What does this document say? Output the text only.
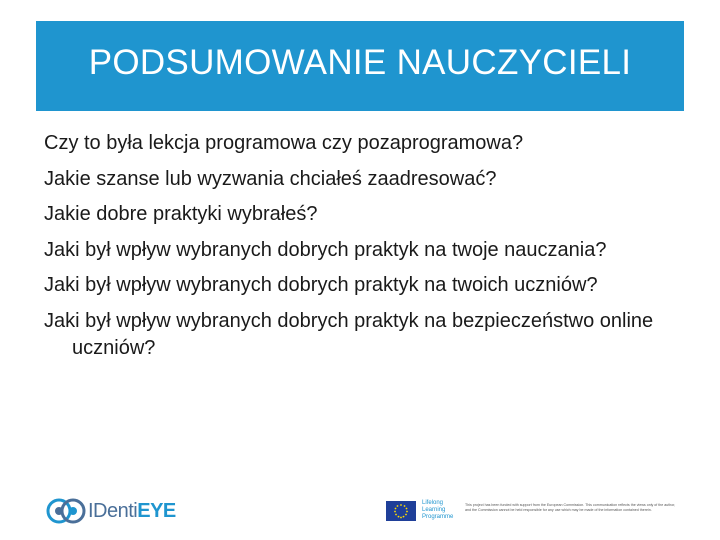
PODSUMOWANIE NAUCZYCIELI
Czy to była lekcja programowa czy pozaprogramowa?
Jakie szanse lub wyzwania chciałeś zaadresować?
Jakie dobre praktyki wybrałeś?
Jaki był wpływ wybranych dobrych praktyk na twoje nauczania?
Jaki był wpływ wybranych dobrych praktyk na twoich uczniów?
Jaki był wpływ wybranych dobrych praktyk na bezpieczeństwo online uczniów?
IDentiEYE	Lifelong Learning Programme
This project has been funded with support from the European Commission. This communication reflects the views only of the author, and the Commission cannot be held responsible for any use which may be made of the information contained therein.
